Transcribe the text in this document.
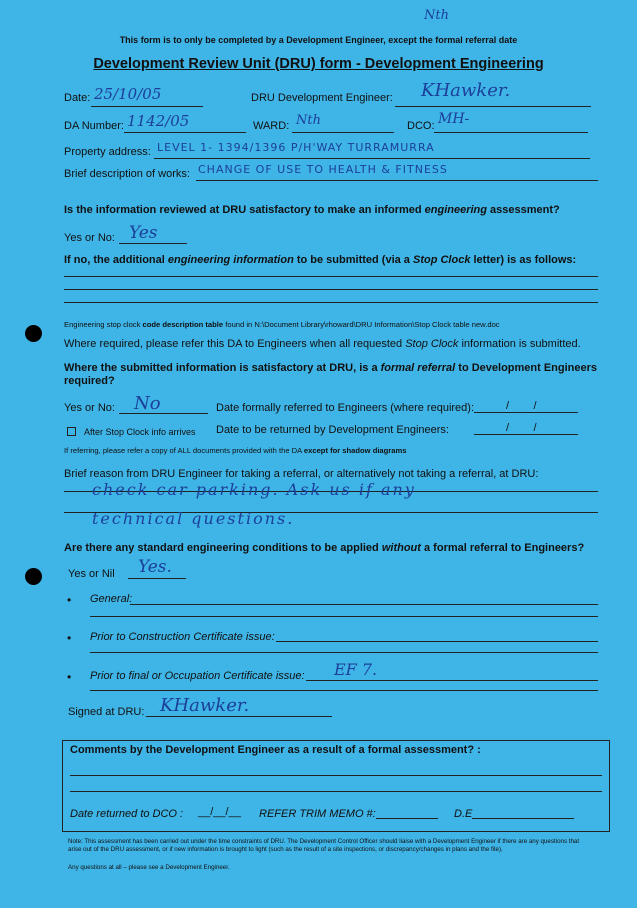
Nth
This form is to only be completed by a Development Engineer, except the formal referral date
Development Review Unit (DRU) form - Development Engineering
Date: 25/10/05	DRU Development Engineer: KHawker.
DA Number: 1142/05	WARD: Nth	DCO: MH-
Property address: LEVEL 1- 1394/1396 P/H'WAY TURRAMURRA
Brief description of works: CHANGE OF USE TO HEALTH & FITNESS
Is the information reviewed at DRU satisfactory to make an informed engineering assessment?
Yes or No: Yes
If no, the additional engineering information to be submitted (via a Stop Clock letter) is as follows:
Engineering stop clock code description table found in N:\Document Library\rhoward\DRU Information\Stop Clock table new.doc
Where required, please refer this DA to Engineers when all requested Stop Clock information is submitted.
Where the submitted information is satisfactory at DRU, is a formal referral to Development Engineers required?
Yes or No: No	Date formally referred to Engineers (where required):	/        /
After Stop Clock info arrives Date to be returned by Development Engineers:	/        /
If referring, please refer a copy of ALL documents provided with the DA except for shadow diagrams
Brief reason from DRU Engineer for taking a referral, or alternatively not taking a referral, at DRU:
check car parking. Ask us if any
technical questions.
Are there any standard engineering conditions to be applied without a formal referral to Engineers?
Yes or Nil Yes.
• General:
• Prior to Construction Certificate issue:
• Prior to final or Occupation Certificate issue: EF 7.
Signed at DRU: KHawker.
Comments by the Development Engineer as a result of a formal assessment? :
Date returned to DCO : __/__/__ REFER TRIM MEMO #:	D.E
Note: This assessment has been carried out under the time constraints of DRU. The Development Control Officer should liaise with a Development Engineer if there are any questions that arise out of the DRU assessment, or if new information is brought to light (such as the result of a site inspections, or discrepancy/changes in plans and the file).
Any questions at all – please see a Development Engineer.
